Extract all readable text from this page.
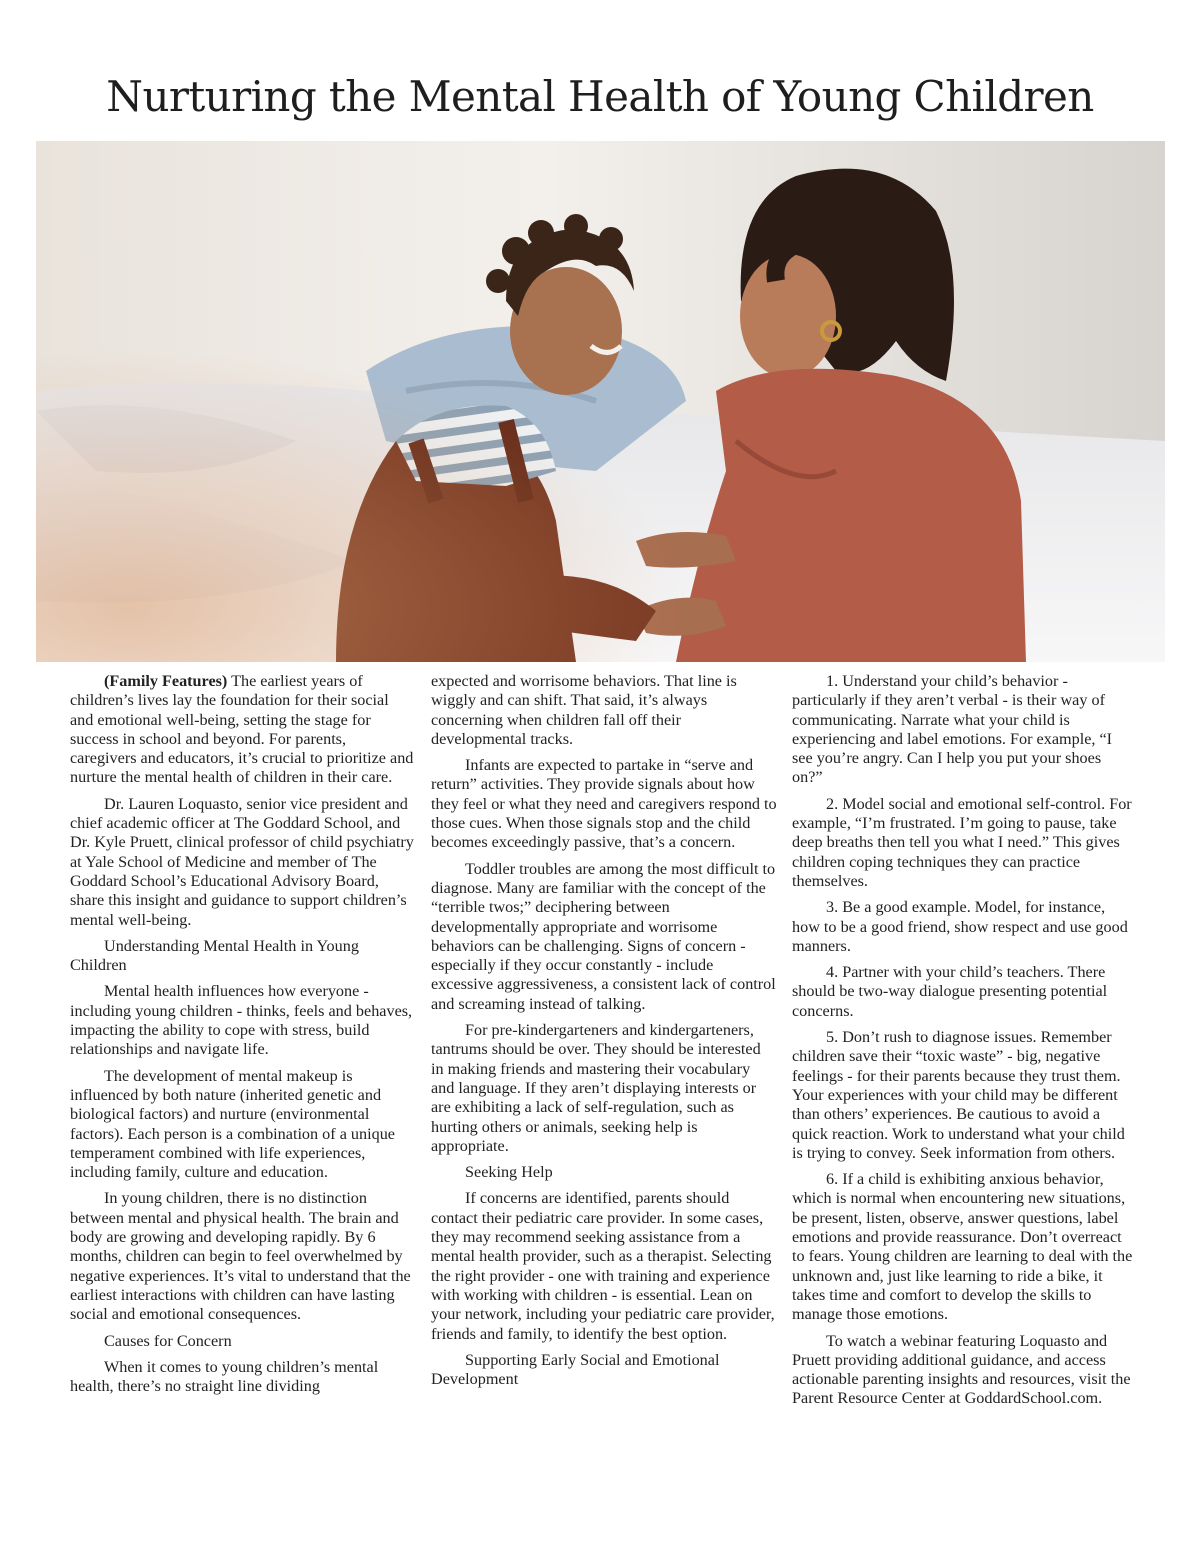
Nurturing the Mental Health of Young Children

(Family Features) The earliest years of children’s lives lay the foundation for their social and emotional well-being, setting the stage for success in school and beyond. For parents, caregivers and educators, it’s crucial to prioritize and nurture the mental health of children in their care.

Dr. Lauren Loquasto, senior vice president and chief academic officer at The Goddard School, and Dr. Kyle Pruett, clinical professor of child psychiatry at Yale School of Medicine and member of The Goddard School’s Educational Advisory Board, share this insight and guidance to support children’s mental well-being.

Understanding Mental Health in Young Children

Mental health influences how everyone - including young children - thinks, feels and behaves, impacting the ability to cope with stress, build relationships and navigate life.

The development of mental makeup is influenced by both nature (inherited genetic and biological factors) and nurture (environmental factors). Each person is a combination of a unique temperament combined with life experiences, including family, culture and education.

In young children, there is no distinction between mental and physical health. The brain and body are growing and developing rapidly. By 6 months, children can begin to feel overwhelmed by negative experiences. It’s vital to understand that the earliest interactions with children can have lasting social and emotional consequences.

Causes for Concern

When it comes to young children’s mental health, there’s no straight line dividing

expected and worrisome behaviors. That line is wiggly and can shift. That said, it’s always concerning when children fall off their developmental tracks.

Infants are expected to partake in “serve and return” activities. They provide signals about how they feel or what they need and caregivers respond to those cues. When those signals stop and the child becomes exceedingly passive, that’s a concern.

Toddler troubles are among the most difficult to diagnose. Many are familiar with the concept of the “terrible twos;” deciphering between developmentally appropriate and worrisome behaviors can be challenging. Signs of concern - especially if they occur constantly - include excessive aggressiveness, a consistent lack of control and screaming instead of talking.

For pre-kindergarteners and kindergarteners, tantrums should be over. They should be interested in making friends and mastering their vocabulary and language. If they aren’t displaying interests or are exhibiting a lack of self-regulation, such as hurting others or animals, seeking help is appropriate.

Seeking Help

If concerns are identified, parents should contact their pediatric care provider. In some cases, they may recommend seeking assistance from a mental health provider, such as a therapist. Selecting the right provider - one with training and experience with working with children - is essential. Lean on your network, including your pediatric care provider, friends and family, to identify the best option.

Supporting Early Social and Emotional Development

1. Understand your child’s behavior - particularly if they aren’t verbal - is their way of communicating. Narrate what your child is experiencing and label emotions. For example, “I see you’re angry. Can I help you put your shoes on?”

2. Model social and emotional self-control. For example, “I’m frustrated. I’m going to pause, take deep breaths then tell you what I need.” This gives children coping techniques they can practice themselves.

3. Be a good example. Model, for instance, how to be a good friend, show respect and use good manners.

4. Partner with your child’s teachers. There should be two-way dialogue presenting potential concerns.

5. Don’t rush to diagnose issues. Remember children save their “toxic waste” - big, negative feelings - for their parents because they trust them. Your experiences with your child may be different than others’ experiences. Be cautious to avoid a quick reaction. Work to understand what your child is trying to convey. Seek information from others.

6. If a child is exhibiting anxious behavior, which is normal when encountering new situations, be present, listen, observe, answer questions, label emotions and provide reassurance. Don’t overreact to fears. Young children are learning to deal with the unknown and, just like learning to ride a bike, it takes time and comfort to develop the skills to manage those emotions.

To watch a webinar featuring Loquasto and Pruett providing additional guidance, and access actionable parenting insights and resources, visit the Parent Resource Center at GoddardSchool.com.
